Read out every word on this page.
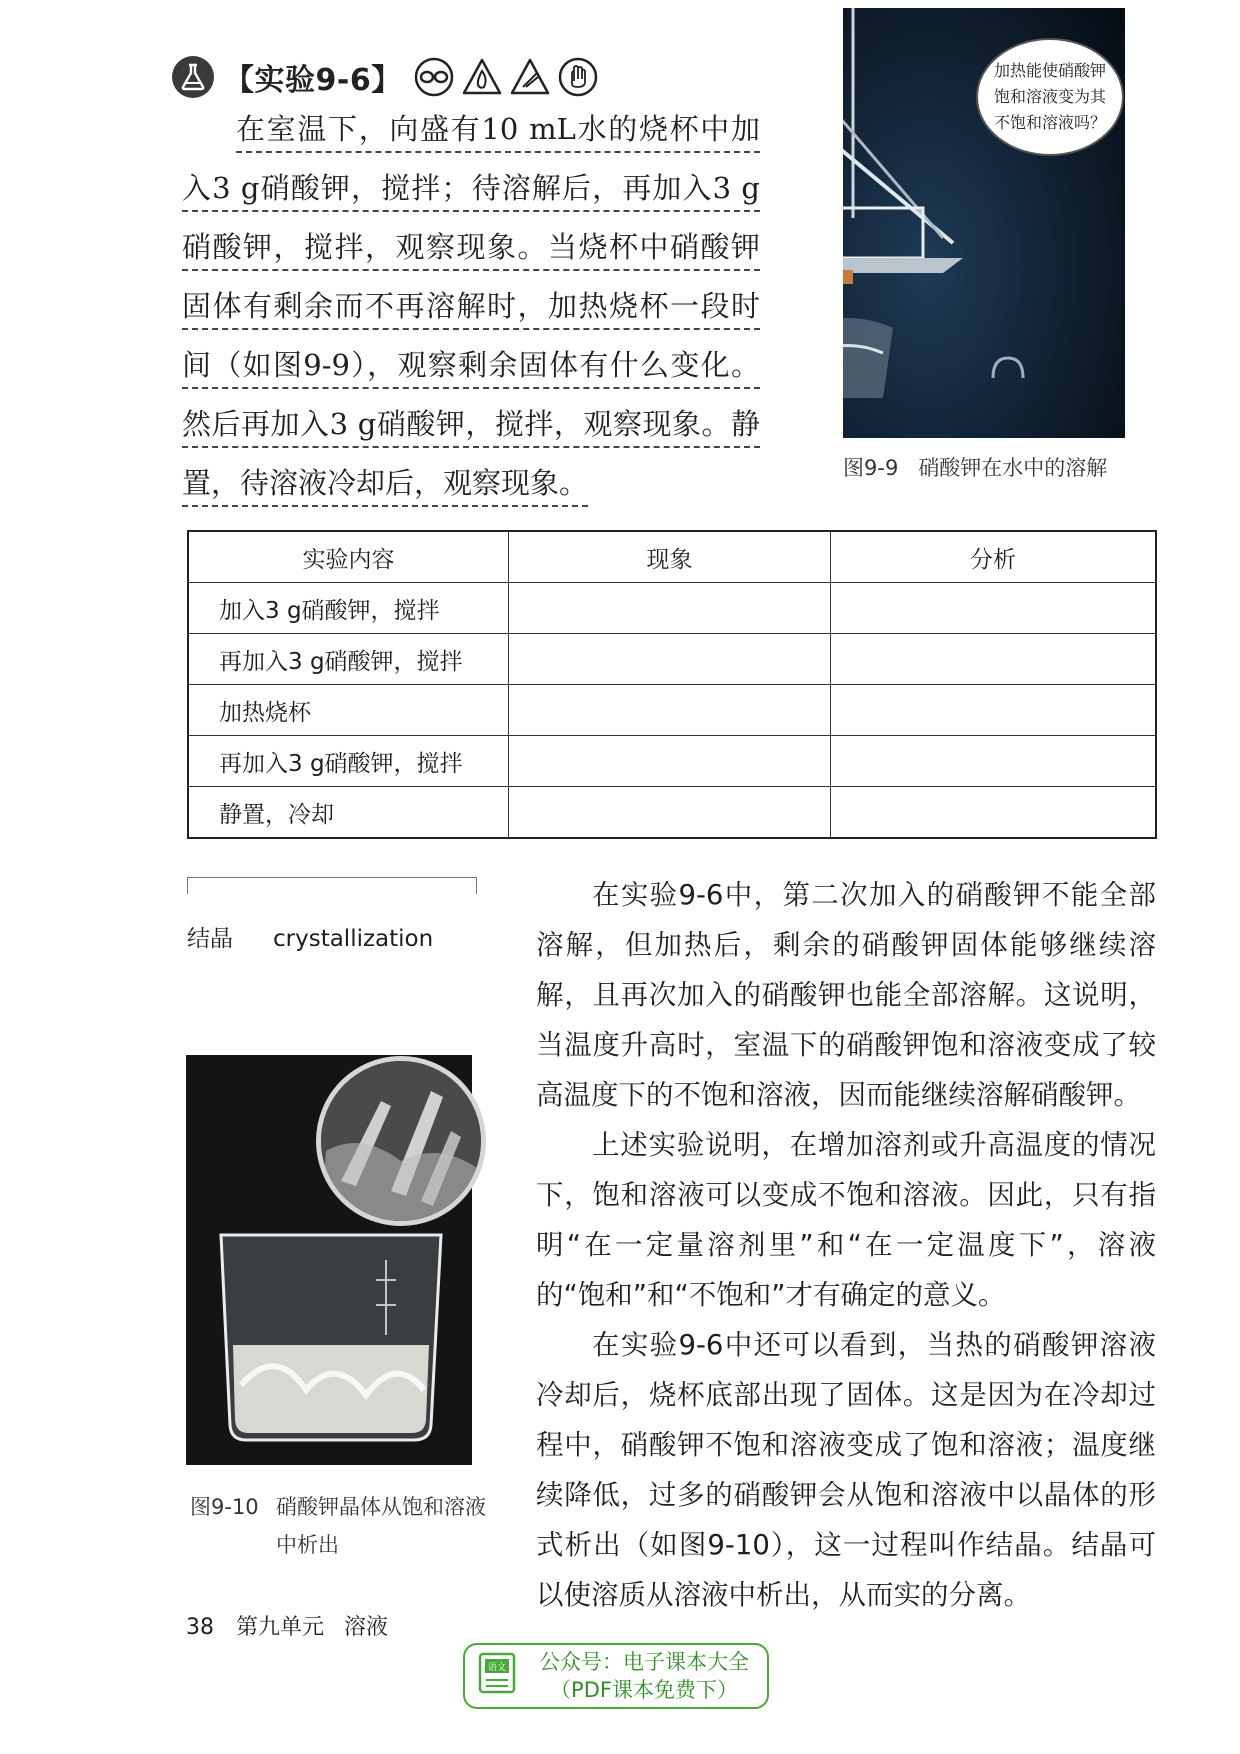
【实验9-6】
在室温下，向盛有10 mL水的烧杯中加入3 g硝酸钾，搅拌；待溶解后，再加入3 g硝酸钾，搅拌，观察现象。当烧杯中硝酸钾固体有剩余而不再溶解时，加热烧杯一段时间（如图9-9），观察剩余固体有什么变化。然后再加入3 g硝酸钾，搅拌，观察现象。静置，待溶液冷却后，观察现象。
加热能使硝酸钾饱和溶液变为其不饱和溶液吗？
图9-9 硝酸钾在水中的溶解
实验内容	现象	分析
加入3 g硝酸钾，搅拌		
再加入3 g硝酸钾，搅拌		
加热烧杯		
再加入3 g硝酸钾，搅拌		
静置，冷却		
结晶 crystallization
图9-10 硝酸钾晶体从饱和溶液
中析出

在实验9-6中，第二次加入的硝酸钾不能全部溶解，但加热后，剩余的硝酸钾固体能够继续溶解，且再次加入的硝酸钾也能全部溶解。这说明，当温度升高时，室温下的硝酸钾饱和溶液变成了较高温度下的不饱和溶液，因而能继续溶解硝酸钾。

上述实验说明，在增加溶剂或升高温度的情况下，饱和溶液可以变成不饱和溶液。因此，只有指明“在一定量溶剂里”和“在一定温度下”，溶液的“饱和”和“不饱和”才有确定的意义。

在实验9-6中还可以看到，当热的硝酸钾溶液冷却后，烧杯底部出现了固体。这是因为在冷却过程中，硝酸钾不饱和溶液变成了饱和溶液；温度继续降低，过多的硝酸钾会从饱和溶液中以晶体的形式析出（如图9-10），这一过程叫作结晶。结晶可以使溶质从溶液中析出，从而实的分离。

38 第九单元 溶液
语文	公众号：电子课本大全
（PDF课本免费下）
